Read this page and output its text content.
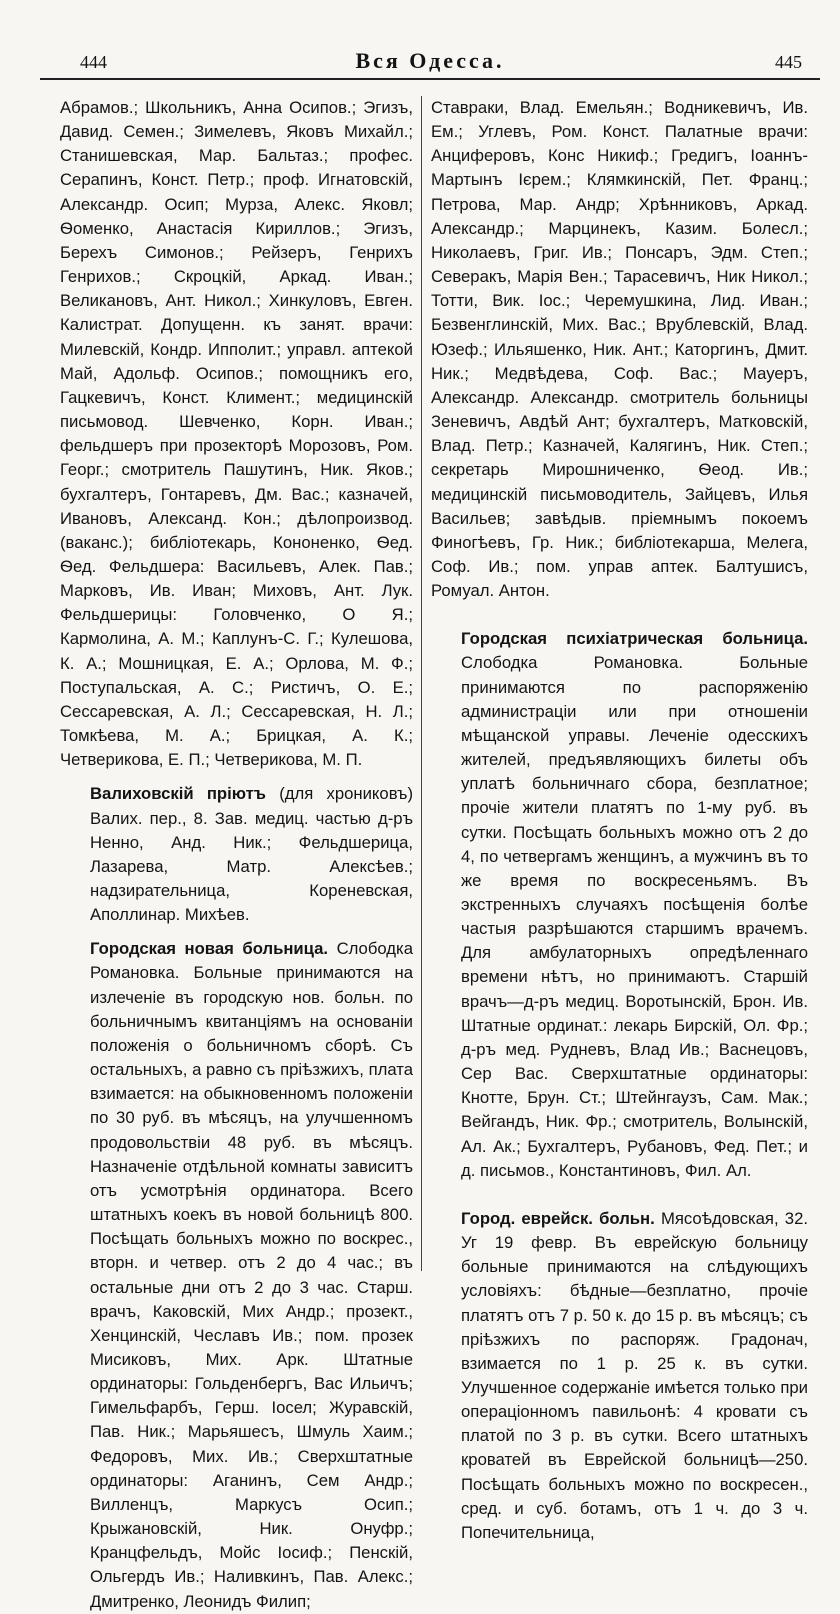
444	Вся Одесса.	445

Абрамов.; Школьникъ, Анна Осипов.; Эгизъ, Давид. Семен.; Зимелевъ, Яковъ Михайл.; Станишевская, Мар. Бальтаз.; профес. Серапинъ, Конст. Петр.; проф. Игнатовскій, Александр. Осип; Мурза, Алекс. Яковл; Ѳоменко, Анастасія Кириллов.; Эгизъ, Берехъ Симонов.; Рейзеръ, Генрихъ Генрихов.; Скроцкій, Аркад. Иван.; Великановъ, Ант. Никол.; Хинкуловъ, Евген. Калистрат. Допущенн. къ занят. врачи: Милевскій, Кондр. Ипполит.; управл. аптекой Май, Адольф. Осипов.; помощникъ его, Гацкевичъ, Конст. Климент.; медицинскій письмовод. Шевченко, Корн. Иван.; фельдшеръ при прозекторѣ Морозовъ, Ром. Георг.; смотритель Пашутинъ, Ник. Яков.; бухгалтеръ, Гонтаревъ, Дм. Вас.; казначей, Ивановъ, Александ. Кон.; дѣлопроизвод. (ваканс.); библіотекарь, Кононенко, Ѳед. Ѳед. Фельдшера: Васильевъ, Алек. Пав.; Марковъ, Ив. Иван; Миховъ, Ант. Лук. Фельдшерицы: Головченко, О Я.; Кармолина, А. М.; Каплунъ-С. Г.; Кулешова, К. А.; Мошницкая, Е. А.; Орлова, М. Ф.; Поступальская, А. С.; Ристичъ, О. Е.; Сессаревская, А. Л.; Сессаревская, Н. Л.; Томкѣева, М. А.; Брицкая, А. К.; Четверикова, Е. П.; Четверикова, М. П.

Валиховскій пріютъ (для хрониковъ) Валих. пер., 8. Зав. медиц. частью д-ръ Ненно, Анд. Ник.; Фельдшерица, Лазарева, Матр. Алексѣев.; надзирательница, Кореневская, Аполлинар. Михѣев.

Городская новая больница. Слободка Романовка. Больные принимаются на излеченіе въ городскую нов. больн. по больничнымъ квитанціямъ на основаніи положенія о больничномъ сборѣ. Съ остальныхъ, а равно съ пріѣзжихъ, плата взимается: на обыкновенномъ положеніи по 30 руб. въ мѣсяцъ, на улучшенномъ продовольствіи 48 руб. въ мѣсяцъ. Назначеніе отдѣльной комнаты зависитъ отъ усмотрѣнія ординатора. Всего штатныхъ коекъ въ новой больницѣ 800. Посѣщать больныхъ можно по воскрес., вторн. и четвер. отъ 2 до 4 час.; въ остальные дни отъ 2 до 3 час. Старш. врачъ, Каковскій, Мих Андр.; прозект., Хенцинскій, Чеславъ Ив.; пом. прозек Мисиковъ, Мих. Арк. Штатные ординаторы: Гольденбергъ, Вас Ильичъ; Гимельфарбъ, Герш. Іосел; Журавскій, Пав. Ник.; Марьяшесъ, Шмуль Хаим.; Федоровъ, Мих. Ив.; Сверхштатные ординаторы: Аганинъ, Сем Андр.; Вилленцъ, Маркусъ Осип.; Крыжановскій, Ник. Онуфр.; Кранцфельдъ, Мойс Іосиф.; Пенскій, Ольгердъ Ив.; Наливкинъ, Пав. Алекс.; Дмитренко, Леонидъ Филип;

Ставраки, Влад. Емельян.; Водникевичъ, Ив. Ем.; Углевъ, Ром. Конст. Палатные врачи: Анциферовъ, Конс Никиф.; Гредигъ, Іоаннъ-Мартынъ Ієрем.; Клямкинскій, Пет. Франц.; Петрова, Мар. Андр; Хрѣнниковъ, Аркад. Александр.; Марцинекъ, Казим. Болесл.; Николаевъ, Григ. Ив.; Понсаръ, Эдм. Степ.; Северакъ, Марія Вен.; Тарасевичъ, Ник Никол.; Тотти, Вик. Іос.; Черемушкина, Лид. Иван.; Безвенглинскій, Мих. Вас.; Врублевскій, Влад. Юзеф.; Ильяшенко, Ник. Ант.; Каторгинъ, Дмит. Ник.; Медвѣдева, Соф. Вас.; Мауеръ, Александр. Александр. смотритель больницы Зеневичъ, Авдѣй Ант; бухгалтеръ, Матковскій, Влад. Петр.; Казначей, Калягинъ, Ник. Степ.; секретарь Мирошниченко, Ѳеод. Ив.; медицинскій письмоводитель, Зайцевъ, Илья Васильев; завѣдыв. пріемнымъ покоемъ Финогѣевъ, Гр. Ник.; библіотекарша, Мелега, Соф. Ив.; пом. управ аптек. Балтушисъ, Ромуал. Антон.

Городская психіатрическая больница. Слободка Романовка. Больные принимаются по распоряженію администраціи или при отношеніи мѣщанской управы. Леченіе одесскихъ жителей, предъявляющихъ билеты объ уплатѣ больничнаго сбора, безплатное; прочіе жители платятъ по 1-му руб. въ сутки. Посѣщать больныхъ можно отъ 2 до 4, по четвергамъ женщинъ, а мужчинъ въ то же время по воскресеньямъ. Въ экстренныхъ случаяхъ посѣщенія болѣе частыя разрѣшаются старшимъ врачемъ. Для амбулаторныхъ опредѣленнаго времени нѣтъ, но принимаютъ. Старшій врачъ—д-ръ медиц. Воротынскій, Брон. Ив. Штатные ординат.: лекарь Бирскій, Ол. Фр.; д-ръ мед. Рудневъ, Влад Ив.; Васнецовъ, Сер Вас. Сверхштатные ординаторы: Кнотте, Брун. Ст.; Штейнгаузъ, Сам. Мак.; Вейгандъ, Ник. Фр.; смотритель, Волынскій, Ал. Ак.; Бухгалтеръ, Рубановъ, Фед. Пет.; и д. письмов., Константиновъ, Фил. Ал.

Город. еврейск. больн. Мясоѣдовская, 32. Уг 19 февр. Въ еврейскую больницу больные принимаются на слѣдующихъ условіяхъ: бѣдные—безплатно, прочіе платятъ отъ 7 р. 50 к. до 15 р. въ мѣсяцъ; съ пріѣзжихъ по распоряж. Градонач, взимается по 1 р. 25 к. въ сутки. Улучшенное содержаніе имѣется только при операціонномъ павильонѣ: 4 кровати съ платой по 3 р. въ сутки. Всего штатныхъ кроватей въ Еврейской больницѣ—250. Посѣщать больныхъ можно по воскресен., сред. и суб. ботамъ, отъ 1 ч. до 3 ч. Попечительница,
